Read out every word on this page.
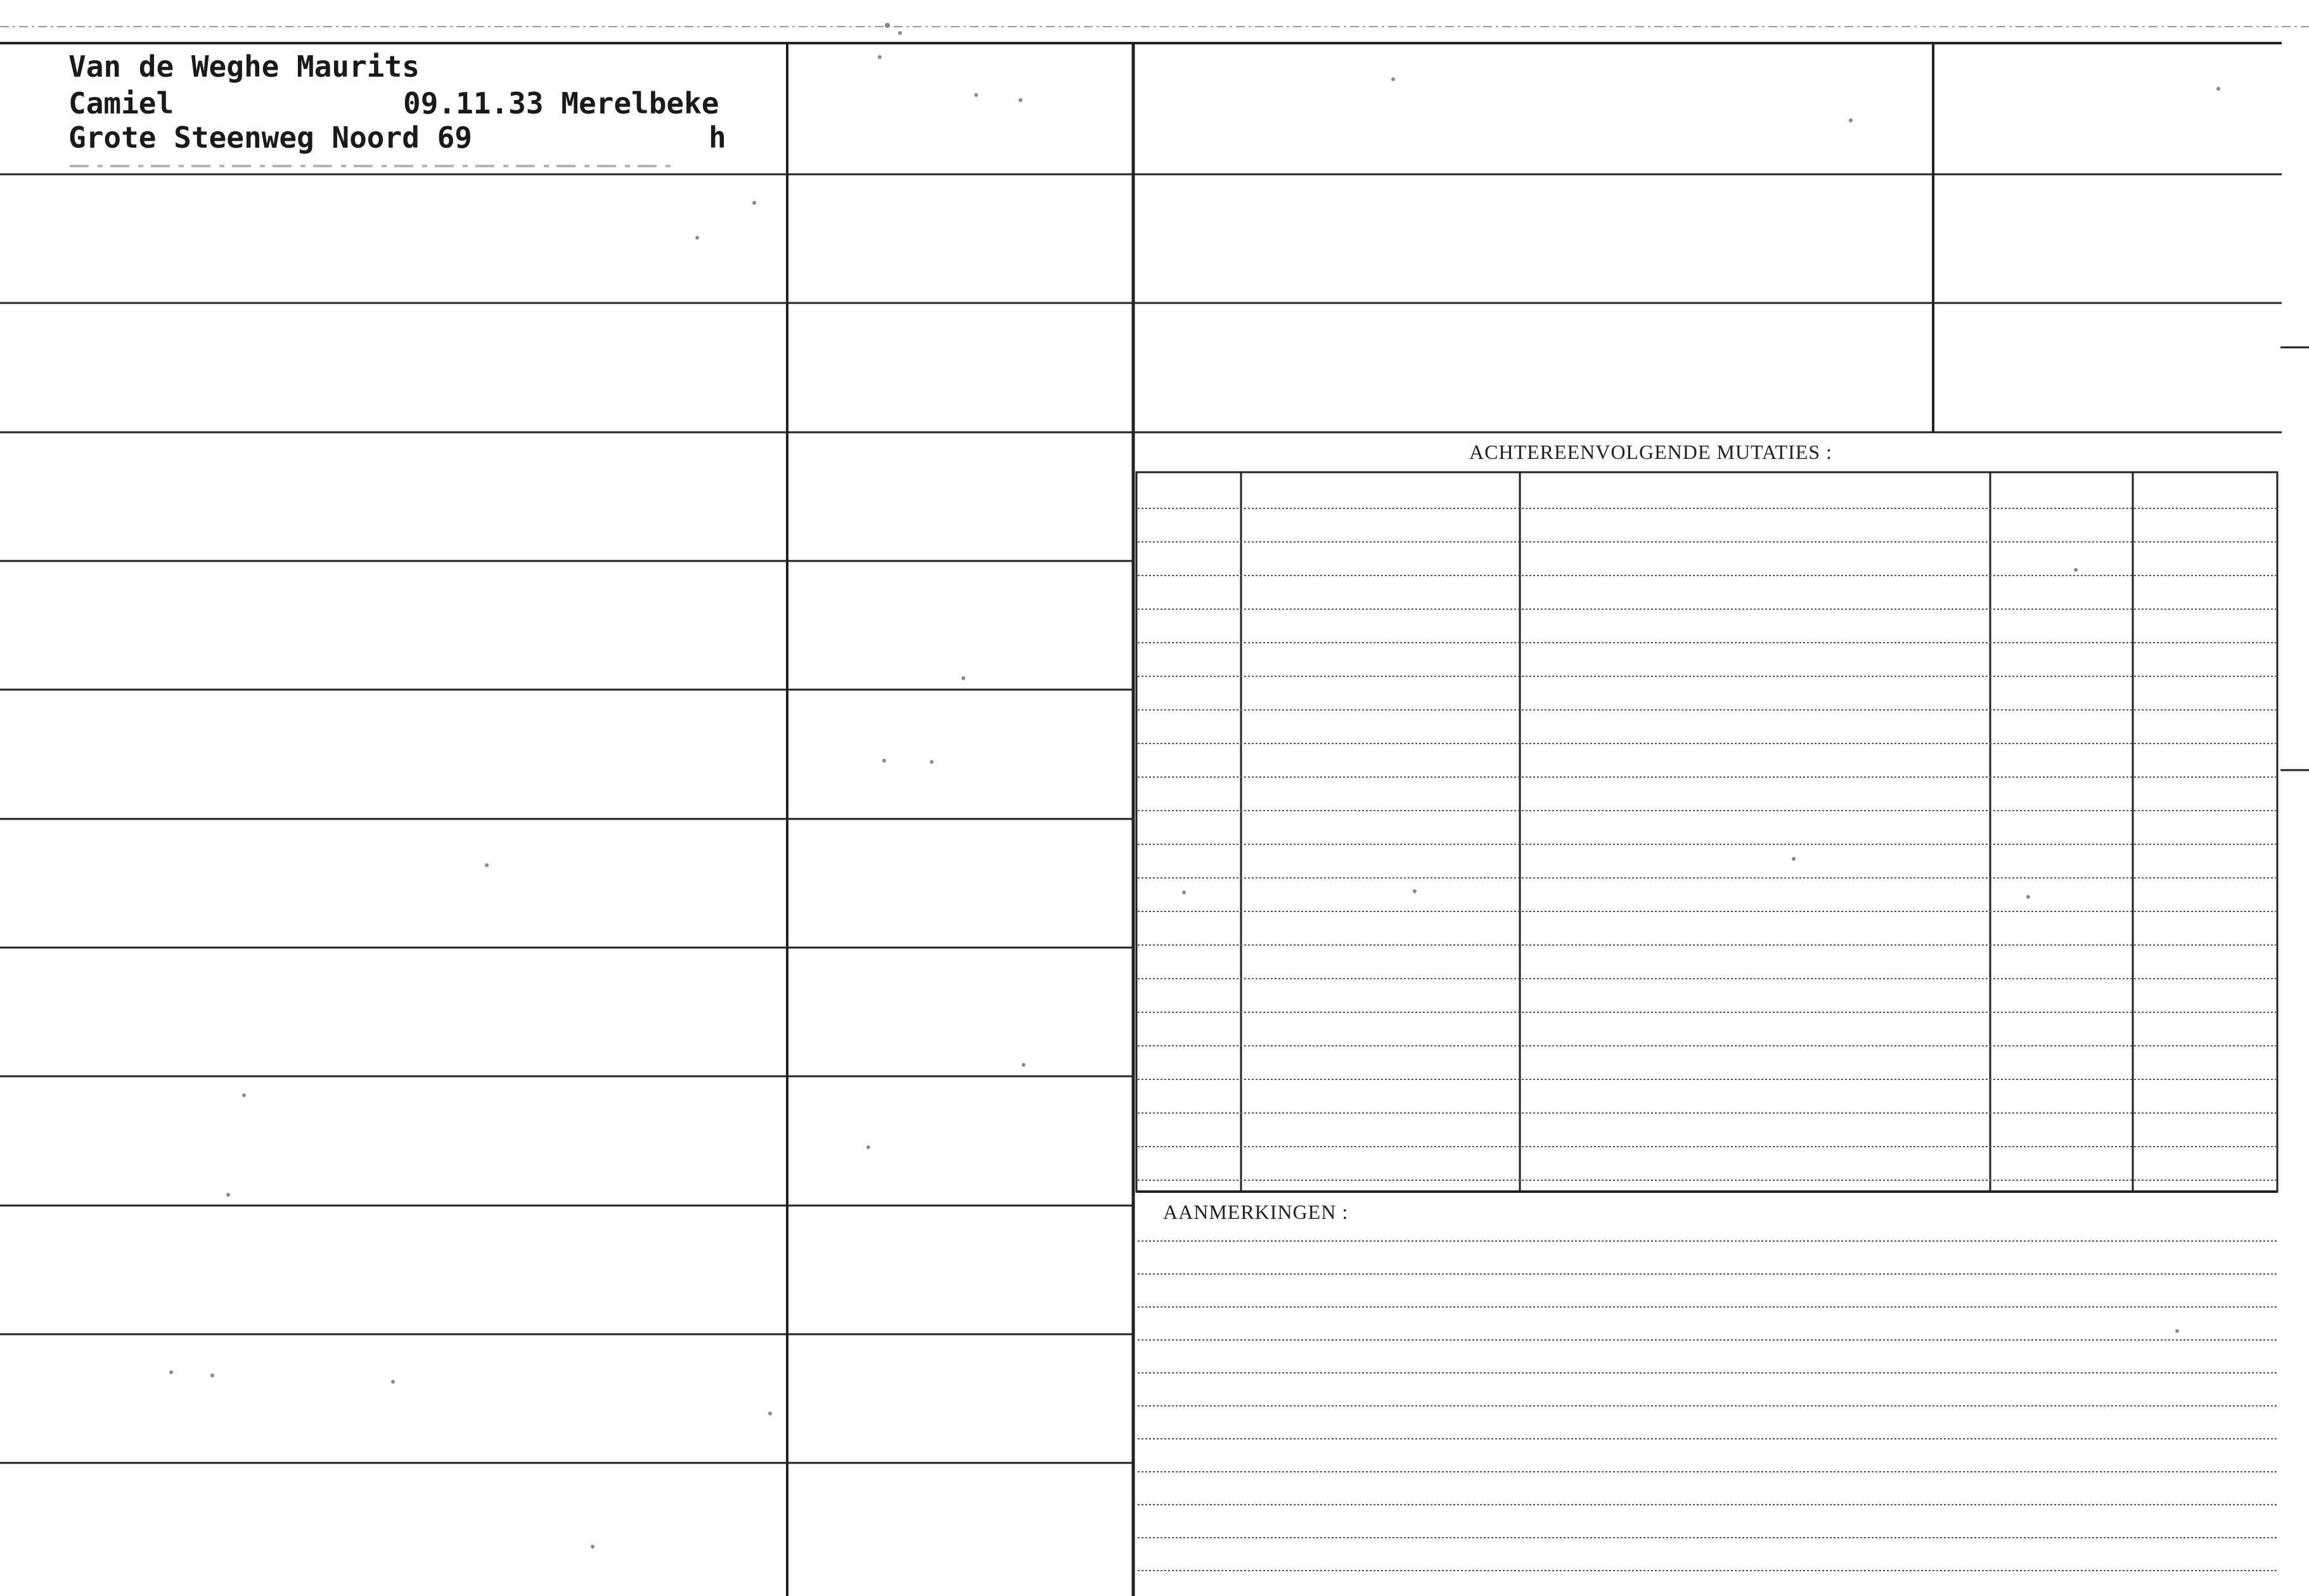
Van de Weghe Maurits
Camiel	09.11.33 Merelbeke
Grote Steenweg Noord 69	h
ACHTEREENVOLGENDE MUTATIES :
AANMERKINGEN :
